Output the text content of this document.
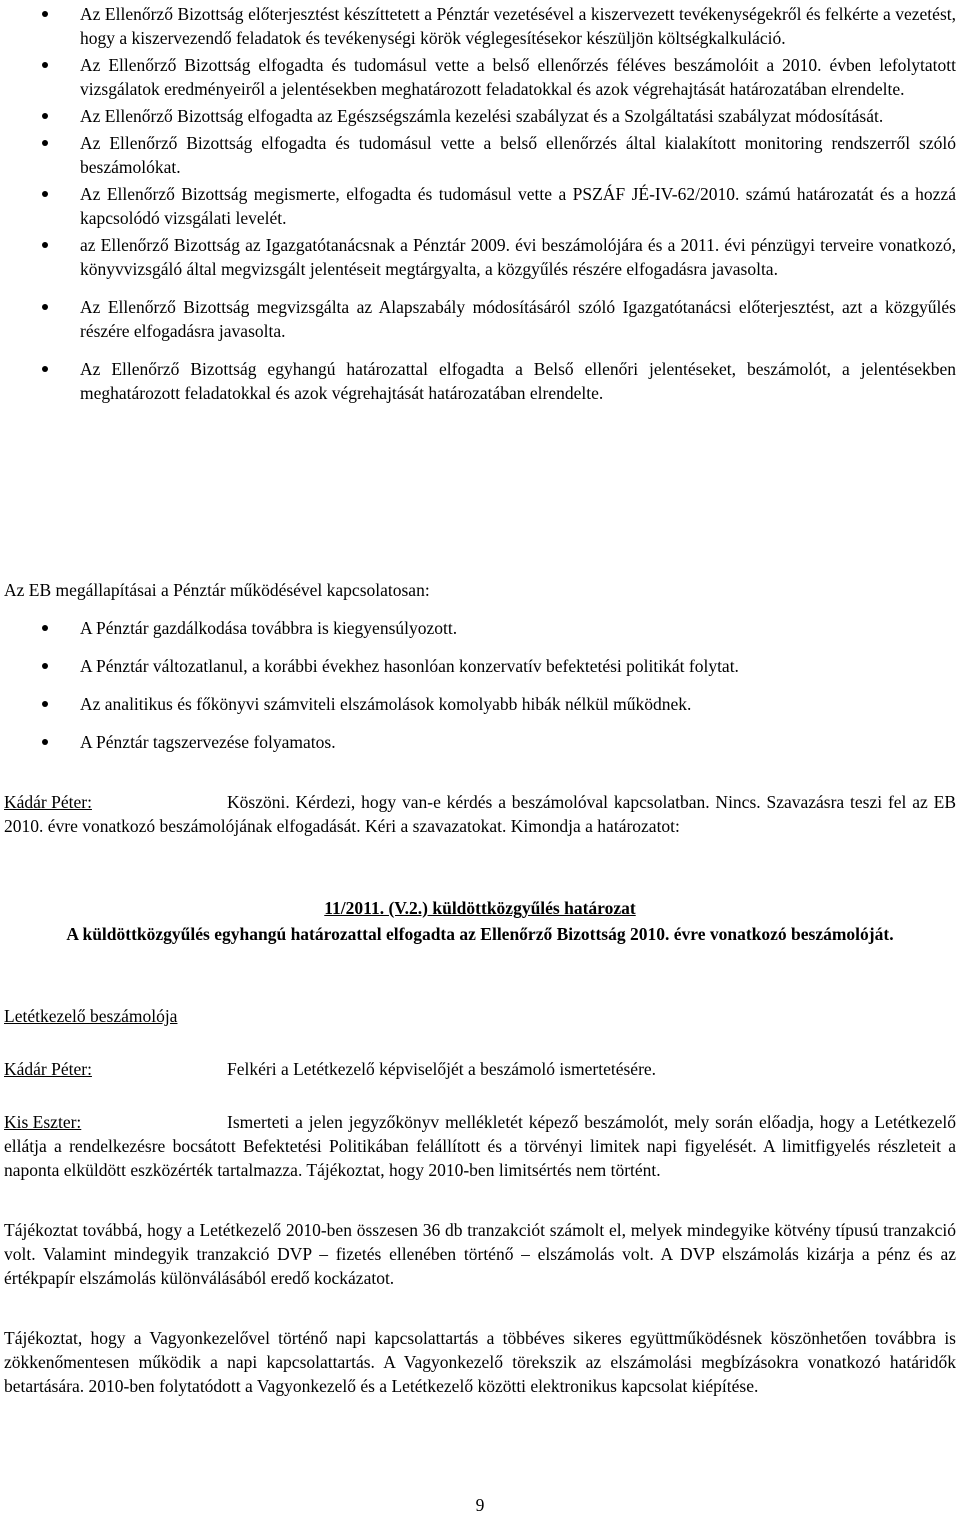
Az Ellenőrző Bizottság előterjesztést készíttetett a Pénztár vezetésével a kiszervezett tevékenységekről és felkérte a vezetést, hogy a kiszervezendő feladatok és tevékenységi körök véglegesítésekor készüljön költségkalkuláció.
Az Ellenőrző Bizottság elfogadta és tudomásul vette a belső ellenőrzés féléves beszámolóit a 2010. évben lefolytatott vizsgálatok eredményeiről a jelentésekben meghatározott feladatokkal és azok végrehajtását határozatában elrendelte.
Az Ellenőrző Bizottság elfogadta az Egészségszámla kezelési szabályzat és a Szolgáltatási szabályzat módosítását.
Az Ellenőrző Bizottság elfogadta és tudomásul vette a belső ellenőrzés által kialakított monitoring rendszerről szóló beszámolókat.
Az Ellenőrző Bizottság megismerte, elfogadta és tudomásul vette a PSZÁF JÉ-IV-62/2010. számú határozatát és a hozzá kapcsolódó vizsgálati levelét.
az Ellenőrző Bizottság az Igazgatótanácsnak a Pénztár 2009. évi beszámolójára és a 2011. évi pénzügyi terveire vonatkozó, könyvvizsgáló által megvizsgált jelentéseit megtárgyalta, a közgyűlés részére elfogadásra javasolta.
Az Ellenőrző Bizottság megvizsgálta az Alapszabály módosításáról szóló Igazgatótanácsi előterjesztést, azt a közgyűlés részére elfogadásra javasolta.
Az Ellenőrző Bizottság egyhangú határozattal elfogadta a Belső ellenőri jelentéseket, beszámolót, a jelentésekben meghatározott feladatokkal és azok végrehajtását határozatában elrendelte.

Az EB megállapításai a Pénztár működésével kapcsolatosan:

A Pénztár gazdálkodása továbbra is kiegyensúlyozott.
A Pénztár változatlanul, a korábbi évekhez hasonlóan konzervatív befektetési politikát folytat.
Az analitikus és főkönyvi számviteli elszámolások komolyabb hibák nélkül működnek.
A Pénztár tagszervezése folyamatos.

Kádár Péter:	Köszöni. Kérdezi, hogy van-e kérdés a beszámolóval kapcsolatban. Nincs. Szavazásra teszi fel az EB 2010. évre vonatkozó beszámolójának elfogadását. Kéri a szavazatokat. Kimondja a határozatot:

11/2011. (V.2.) küldöttközgyűlés határozat

A küldöttközgyűlés egyhangú határozattal elfogadta az Ellenőrző Bizottság 2010. évre vonatkozó beszámolóját.

Letétkezelő beszámolója

Kádár Péter:	Felkéri a Letétkezelő képviselőjét a beszámoló ismertetésére.

Kis Eszter:	Ismerteti a jelen jegyzőkönyv mellékletét képező beszámolót, mely során előadja, hogy a Letétkezelő ellátja a rendelkezésre bocsátott Befektetési Politikában felállított és a törvényi limitek napi figyelését. A limitfigyelés részleteit a naponta elküldött eszközérték tartalmazza. Tájékoztat, hogy 2010-ben limitsértés nem történt.

Tájékoztat továbbá, hogy a Letétkezelő 2010-ben összesen 36 db tranzakciót számolt el, melyek mindegyike kötvény típusú tranzakció volt. Valamint mindegyik tranzakció DVP – fizetés ellenében történő – elszámolás volt. A DVP elszámolás kizárja a pénz és az értékpapír elszámolás különválásából eredő kockázatot.

Tájékoztat, hogy a Vagyonkezelővel történő napi kapcsolattartás a többéves sikeres együttműködésnek köszönhetően továbbra is zökkenőmentesen működik a napi kapcsolattartás. A Vagyonkezelő törekszik az elszámolási megbízásokra vonatkozó határidők betartására. 2010-ben folytatódott a Vagyonkezelő és a Letétkezelő közötti elektronikus kapcsolat kiépítése.

9
